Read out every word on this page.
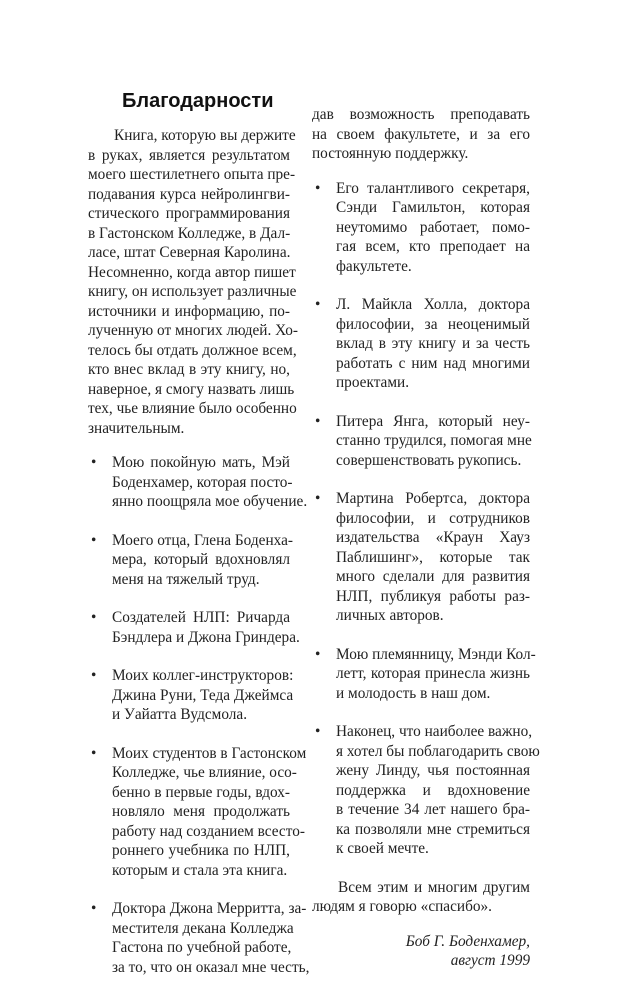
Благодарности
Книга, которую вы держите
в руках, является результатом
моего шестилетнего опыта пре-
подавания курса нейролингви-
стического программирования
в Гастонском Колледже, в Дал-
ласе, штат Северная Каролина.
Несомненно, когда автор пишет
книгу, он использует различные
источники и информацию, по-
лученную от многих людей. Хо-
телось бы отдать должное всем,
кто внес вклад в эту книгу, но,
наверное, я смогу назвать лишь
тех, чье влияние было особенно
значительным.
• Мою покойную мать, Мэй
Боденхамер, которая посто-
янно поощряла мое обучение.
• Моего отца, Глена Боденха-
мера, который вдохновлял
меня на тяжелый труд.
• Создателей НЛП: Ричарда
Бэндлера и Джона Гриндера.
• Моих коллег-инструкторов:
Джина Руни, Теда Джеймса
и Уайатта Вудсмола.
• Моих студентов в Гастонском
Колледже, чье влияние, осо-
бенно в первые годы, вдох-
новляло меня продолжать
работу над созданием всесто-
роннего учебника по НЛП,
которым и стала эта книга.
• Доктора Джона Мерритта, за-
местителя декана Колледжа
Гастона по учебной работе,
за то, что он оказал мне честь,
дав возможность преподавать
на своем факультете, и за его
постоянную поддержку.
• Его талантливого секретаря,
Сэнди Гамильтон, которая
неутомимо работает, помо-
гая всем, кто преподает на
факультете.
• Л. Майкла Холла, доктора
философии, за неоценимый
вклад в эту книгу и за честь
работать с ним над многими
проектами.
• Питера Янга, который неу-
станно трудился, помогая мне
совершенствовать рукопись.
• Мартина Робертса, доктора
философии, и сотрудников
издательства «Краун Хауз
Паблишинг», которые так
много сделали для развития
НЛП, публикуя работы раз-
личных авторов.
• Мою племянницу, Мэнди Кол-
летт, которая принесла жизнь
и молодость в наш дом.
• Наконец, что наиболее важно,
я хотел бы поблагодарить свою
жену Линду, чья постоянная
поддержка и вдохновение
в течение 34 лет нашего бра-
ка позволяли мне стремиться
к своей мечте.
Всем этим и многим другим
людям я говорю «спасибо».
Боб Г. Боденхамер,
август 1999
